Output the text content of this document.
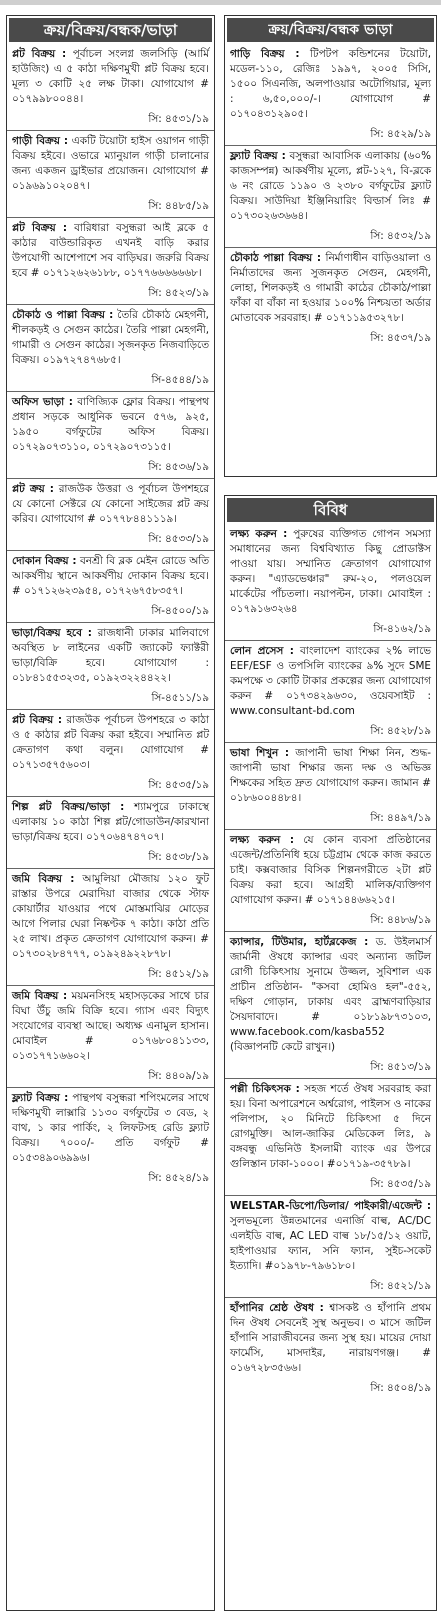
ক্রয়/বিক্রয়/বন্ধক/ভাড়া

প্লট বিক্রয় : পূর্বাচল সংলগ্ন জলসিড়ি (আর্মি হাউজিং) এ ৫ কাঠা দক্ষিণমুখী প্লট বিক্রয় হবে। মূল্য ৩ কোটি ২৫ লক্ষ টাকা। যোগাযোগ # ০১৭৯৯৮০০৪৪।

সি: ৪৫৩১/১৯

গাড়ী বিক্রয় : একটি টয়োটা হাইস ওয়াগন গাড়ী বিক্রয় হইবে। ওভারে ম্যানুয়াল গাড়ী চালানোর জন্য একজন ড্রাইভার প্রয়োজন। যোগাযোগ # ০১৯৬৯১০২০৪৭।

সি: ৪৪৮৫/১৯

প্লট বিক্রয় : বারিধারা বসুন্ধরা আই ব্লকে ৫ কাঠার বাউন্ডারিকৃত এখনই বাড়ি করার উপযোগী আশেপাশে সব বাড়িঘর। জরুরি বিক্রয় হবে # ০১৭১২৬২৬১৮৮, ০১৭৭৬৬৬৬৬৬৮।

সি: ৪৫২৩/১৯

চৌকাঠ ও পাল্লা বিক্রয় : তৈরি চৌকাঠ মেহগনী, শীলকড়ই ও সেগুন কাঠের। তৈরি পাল্লা মেহগনী, গামারী ও সেগুন কাঠের। সৃজনকৃত নিজবাড়িতে বিক্রয়। ০১৯৭২৭৪৭৬৮৫।

সি-৪৫৪৪/১৯

অফিস ভাড়া : বাণিজ্যিক ফ্লোর বিক্রয়। পান্থপথ প্রধান সড়কে আধুনিক ভবনে ৫৭৬, ৯২৫, ১৯৫০ বর্গফুটের অফিস বিক্রয়। ০১৭২৯০৭৩১১০, ০১৭২৯০৭৩১১৫।

সি: ৪৫৩৬/১৯

প্লট ক্রয় : রাজউক উত্তরা ও পূর্বাচল উপশহরে যে কোনো সেক্টরে যে কোনো সাইজের প্লট ক্রয় করিব। যোগাযোগ # ০১৭৭৮৪৪১১১৯।

সি: ৪৫৩৩/১৯

দোকান বিক্রয় : বনশ্রী বি ব্লক মেইন রোডে অতি আকর্ষণীয় স্থানে আকর্ষণীয় দোকান বিক্রয় হবে। # ০১৭১২৬২৩৯৫৪, ০১৭২৬৭৫৮৩৫৭।

সি-৪৫০০/১৯

ভাড়া/বিক্রয় হবে : রাজধানী ঢাকার মালিবাগে অবস্থিত ৮ লাইনের একটি জ্যাকেট ফ্যাক্টরী ভাড়া/বিক্রি হবে। যোগাযোগ : ০১৮৪১৫৫৩২৩৫, ০১৯২৩২২৪৪২২।

সি-৪৫১১/১৯

প্লট বিক্রয় : রাজউক পূর্বাচল উপশহরে ৩ কাঠা ও ৫ কাঠার প্লট বিক্রয় করা হইবে। সম্মানিত প্লট ক্রেতাগণ কথা বলুন। যোগাযোগ # ০১৭১৩৫৭৫৬০৩।

সি: ৪৫৩৫/১৯

শিল্প প্লট বিক্রয়/ভাড়া : শ্যামপুরে ঢাকাস্থে এলাকায় ১০ কাঠা শিল্প প্লট/গোডাউন/কারখানা ভাড়া/বিক্রয় হবে। ০১৭০৬৪৭৪৭০৭।

সি: ৪৫৩৮/১৯

জমি বিক্রয় : আমুলিয়া মৌজায় ১২০ ফুট রাস্তার উপরে মেরাদিয়া বাজার থেকে স্টাফ কোয়ার্টার যাওয়ার পথে মোস্তমাঝির মোড়ের আগে পিলার ঘেরা নিষ্কণ্টক ৭ কাঠা। কাঠা প্রতি ২৫ লাখ। প্রকৃত ক্রেতাগণ যোগাযোগ করুন। # ০১৭৩০২৮৪৭৭৭, ০১৯২৪৯২২৮৭৮।

সি: ৪৫১২/১৯

জমি বিক্রয় : ময়মনসিংহ মহাসড়কের সাথে চার বিঘা উঁচু জমি বিক্রি হবে। গ্যাস এবং বিদ্যুৎ সংযোগের ব্যবস্থা আছে। অধ্যক্ষ এনামুল হাসান। মোবাইল # ০১৭৬৮০৪১১৩৩, ০১৩১৭৭১৬৬০২।

সি: ৪৪০৯/১৯

ফ্ল্যাট বিক্রয় : পান্থপথ বসুন্ধরা শপিংমলের সাথে দক্ষিণমুখী লাক্সারি ১১৩০ বর্গফুটের ৩ বেড, ২ বাথ, ১ কার পার্কিং, ২ লিফটসহ রেডি ফ্ল্যাট বিক্রয়। ৭০০০/- প্রতি বর্গফুট # ০১৫৩৪৯০৬৯৯৬।

সি: ৪৫২৪/১৯
ক্রয়/বিক্রয়/বন্ধক ভাড়া

গাড়ি বিক্রয় : টিপটপ কন্ডিশনের টয়োটা, মডেল-১১০, রেজিঃ ১৯৯৭, ২০০৫ সিসি, ১৫০০ সিএনজি, অলপাওয়ার অটোগিয়ার, মূল্য : ৬,৫০,০০০/-। যোগাযোগ # ০১৭০৪৩১২৯০৫।

সি: ৪৫২৯/১৯

ফ্ল্যাট বিক্রয় : বসুন্ধরা আবাসিক এলাকায় (৬০% কাজসম্পন্ন) আকর্ষণীয় মূল্যে, প্লট-১২৭, বি-ব্লকে ৬ নং রোডে ১১৯০ ও ২৩৮০ বর্গফুটের ফ্ল্যাট বিক্রয়। সাউদিয়া ইঞ্জিনিয়ারিং বিল্ডার্স লিঃ # ০১৭৩০২৬৩৬৬৪।

সি: ৪৫৩২/১৯

চৌকাঠ পাল্লা বিক্রয় : নির্মাণাধীন বাড়িওয়ালা ও নির্মাতাদের জন্য সুজনকৃত সেগুন, মেহগনী, লোহা, শিলকড়ই ও গামারী কাঠের চৌকাঠ/পাল্লা ফাঁকা বা বাঁকা না হওয়ার ১০০% নিশ্চয়তা অর্ডার মোতাবেক সরবরাহ। # ০১৭১১৯৫৩২৭৮।

সি: ৪৫৩৭/১৯
বিবিধ

লক্ষ্য করুন : পুরুষের ব্যক্তিগত গোপন সমস্যা সমাধানের জন্য বিশ্ববিখ্যাত কিছু প্রোডাক্টস পাওয়া যায়। সম্মানিত ক্রেতাগণ যোগাযোগ করুন। "এ্যাডভেঞ্চার" রুম-২০, পলওয়েল মার্কেটের পাঁচতলা। নয়াপল্টন, ঢাকা। মোবাইল : ০১৭৯১৬৩২৬৪

সি-৪১৬২/১৯

লোন প্রসেস : বাংলাদেশ ব্যাংকের ২% লাভে EEF/ESF ও তপসিলি ব্যাংকের ৯% সুদে SME কমপক্ষে ৩ কোটি টাকার প্রকল্পের জন্য যোগাযোগ করুন # ০১৭৩৪২৯৬৩০, ওয়েবসাইট : www.consultant-bd.com

সি: ৪৫২৮/১৯

ভাষা শিখুন : জাপানী ভাষা শিক্ষা নিন, শুদ্ধ-জাপানী ভাষা শিক্ষার জন্য দক্ষ ও অভিজ্ঞ শিক্ষকের সহিত দ্রুত যোগাযোগ করুন। জামান # ০১৮৬০০৪৪৮৪।

সি: ৪৪৯৭/১৯

লক্ষ্য করুন : যে কোন ব্যবসা প্রতিষ্ঠানের এজেন্ট/প্রতিনিধি হয়ে চট্টগ্রাম থেকে কাজ করতে চাই। কক্সবাজার বিসিক শিল্পনগরীতে ২টা প্লট বিক্রয় করা হবে। আগ্রহী মালিক/ব্যক্তিগণ যোগাযোগ করুন। # ০১৭১৪৪৬৬২১৫।

সি: ৪৪৮৬/১৯

ক্যান্সার, টিউমার, হার্টব্লকেজ : ড. উইলমার্স জার্মানী ঔষধে ক্যান্সার এবং অন্যান্য জটিল রোগী চিকিৎসায় সুনামে উজ্জল, সুবিশাল এক প্রাচীন প্রতিষ্ঠান- "কসবা হোমিও হল"-৫৫২, দক্ষিণ গোড়ান, ঢাকায় এবং ব্রাহ্মণবাড়িয়ার সৈয়দাবাদে। # ০১৮১৯৮৭৩১০৩, www.facebook.com/kasba552 (বিজ্ঞাপনটি কেটে রাখুন।)

সি: ৪৫১৩/১৯

পল্লী চিকিৎসক : সহজ শর্তে ঔষধ সরবরাহ করা হয়। বিনা অপারেশনে অর্শ্বরোগ, পাইলস ও নাকের পলিপাস, ২০ মিনিটে চিকিৎসা ৫ দিনে রোগমুক্তি। আল-জাকির মেডিকেল লিঃ, ৯ বঙ্গবন্ধু এভিনিউ ইসলামী ব্যাংক এর উপরে গুলিস্তান ঢাকা-১০০০। #০১৭১৯-৩৫৭৮৯।

সি: ৪৫৩৫/১৯

WELSTAR-ডিপো/ডিলার/ পাইকারী/এজেন্ট : সুলভমূল্যে উন্নতমানের এনার্জি বাল্ব, AC/DC এলইডি বাল্ব, AC LED বাল্ব ১৮/১৫/১২ ওয়াট, হাইপাওয়ার ফ্যান, সনি ফ্যান, সুইচ-সকেট ইত্যাদি। #০১৯৭৮-৭৯৬১৮০।

সি: ৪৫২১/১৯

হাঁপানির শ্রেষ্ঠ ঔষধ : শ্বাসকষ্ট ও হাঁপানি প্রথম দিন ঔষধ সেবনেই সুস্থ অনুভব। ৩ মাসে জটিল হাঁপানি সারাজীবনের জন্য সুস্থ হয়। মায়ের দোয়া ফার্মেসি, মাসদাইর, নারায়ণগঞ্জ। # ০১৬৭২৮৩৫৬৬।

সি: ৪৫০৪/১৯
